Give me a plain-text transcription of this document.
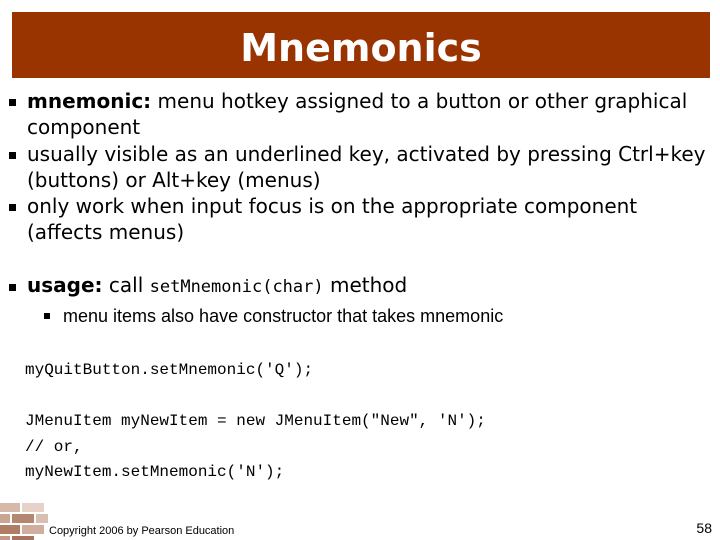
Mnemonics
mnemonic: menu hotkey assigned to a button or other graphical component
usually visible as an underlined key, activated by pressing Ctrl+key (buttons) or Alt+key (menus)
only work when input focus is on the appropriate component (affects menus)
usage: call setMnemonic(char) method
menu items also have constructor that takes mnemonic
myQuitButton.setMnemonic('Q');
JMenuItem myNewItem = new JMenuItem("New", 'N');
// or,
myNewItem.setMnemonic('N');
Copyright 2006 by Pearson Education	58
